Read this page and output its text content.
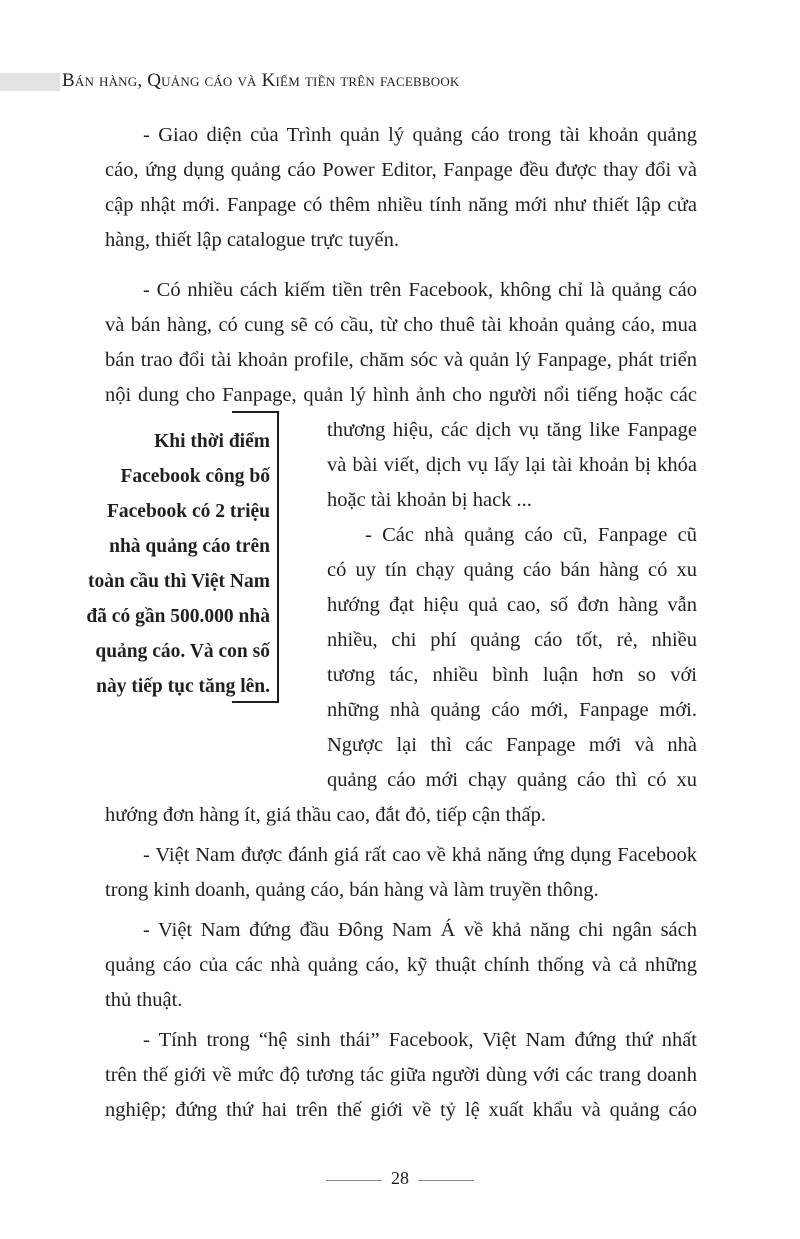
Bán hàng, Quảng cáo và Kiếm tiền trên facebbook
- Giao diện của Trình quản lý quảng cáo trong tài khoản quảng
cáo, ứng dụng quảng cáo Power Editor, Fanpage đều được thay đổi và
cập nhật mới. Fanpage có thêm nhiều tính năng mới như thiết lập cửa
hàng, thiết lập catalogue trực tuyến.
- Có nhiều cách kiếm tiền trên Facebook, không chỉ là quảng cáo
và bán hàng, có cung sẽ có cầu, từ cho thuê tài khoản quảng cáo, mua
bán trao đổi tài khoản profile, chăm sóc và quản lý Fanpage, phát triển
nội dung cho Fanpage, quản lý hình ảnh cho người nổi tiếng hoặc các
thương hiệu, các dịch vụ tăng like Fanpage
và bài viết, dịch vụ lấy lại tài khoản bị khóa
hoặc tài khoản bị hack ...
- Các nhà quảng cáo cũ, Fanpage cũ
có uy tín chạy quảng cáo bán hàng có xu
hướng đạt hiệu quả cao, số đơn hàng vẫn
nhiều, chi phí quảng cáo tốt, rẻ, nhiều
tương tác, nhiều bình luận hơn so với
những nhà quảng cáo mới, Fanpage mới.
Ngược lại thì các Fanpage mới và nhà
quảng cáo mới chạy quảng cáo thì có xu
hướng đơn hàng ít, giá thầu cao, đắt đỏ, tiếp cận thấp.
- Việt Nam được đánh giá rất cao về khả năng ứng dụng Facebook
trong kinh doanh, quảng cáo, bán hàng và làm truyền thông.
- Việt Nam đứng đầu Đông Nam Á về khả năng chi ngân sách
quảng cáo của các nhà quảng cáo, kỹ thuật chính thống và cả những
thủ thuật.
- Tính trong “hệ sinh thái” Facebook, Việt Nam đứng thứ nhất
trên thế giới về mức độ tương tác giữa người dùng với các trang doanh
nghiệp; đứng thứ hai trên thế giới về tỷ lệ xuất khẩu và quảng cáo
Khi thời điểm
Facebook công bố
Facebook có 2 triệu
nhà quảng cáo trên
toàn cầu thì Việt Nam
đã có gần 500.000 nhà
quảng cáo. Và con số
này tiếp tục tăng lên.
28
